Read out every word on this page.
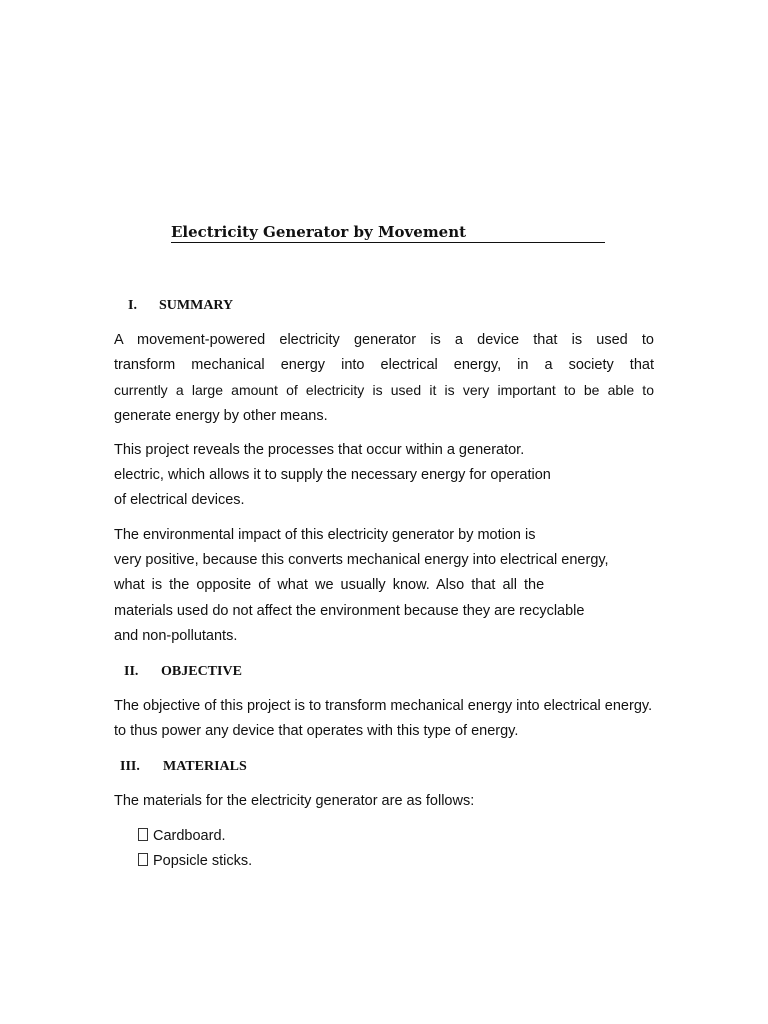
Electricity Generator by Movement
I. SUMMARY

A movement-powered electricity generator is a device that is used to
transform mechanical energy into electrical energy, in a society that
currently a large amount of electricity is used it is very important to be able to
generate energy by other means.

This project reveals the processes that occur within a generator.
electric, which allows it to supply the necessary energy for operation
of electrical devices.

The environmental impact of this electricity generator by motion is
very positive, because this converts mechanical energy into electrical energy,
what is the opposite of what we usually know. Also that all the
materials used do not affect the environment because they are recyclable
and non-pollutants.

II. OBJECTIVE

The objective of this project is to transform mechanical energy into electrical energy.
to thus power any device that operates with this type of energy.

III. MATERIALS

The materials for the electricity generator are as follows:

Cardboard.
Popsicle sticks.
